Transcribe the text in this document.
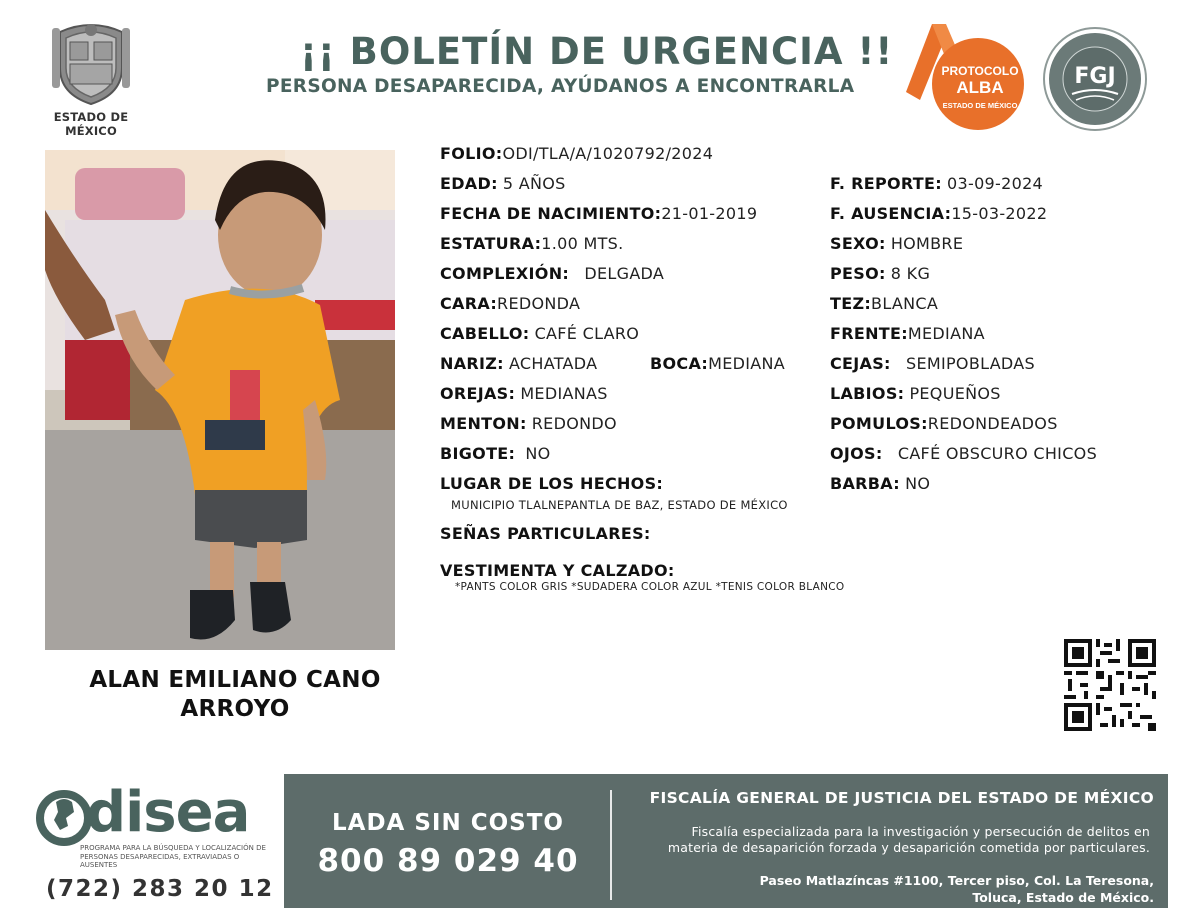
ESTADO DE MÉXICO
¡¡ BOLETÍN DE URGENCIA !!
PERSONA DESAPARECIDA, AYÚDANOS A ENCONTRARLA
PROTOCOLO
ALBA
ESTADO DE MÉXICO
FGJ
ALAN EMILIANO CANO
ARROYO
FOLIO:ODI/TLA/A/1020792/2024
EDAD: 5 AÑOS
FECHA DE NACIMIENTO:21-01-2019
ESTATURA:1.00 MTS.
COMPLEXIÓN: DELGADA
CARA:REDONDA
CABELLO: CAFÉ CLARO
NARIZ: ACHATADA	BOCA:MEDIANA
OREJAS: MEDIANAS
MENTON: REDONDO
BIGOTE: NO
LUGAR DE LOS HECHOS:
MUNICIPIO TLALNEPANTLA DE BAZ, ESTADO DE MÉXICO
SEÑAS PARTICULARES:
VESTIMENTA Y CALZADO:
*PANTS COLOR GRIS *SUDADERA COLOR AZUL *TENIS COLOR BLANCO
F. REPORTE: 03-09-2024
F. AUSENCIA:15-03-2022
SEXO: HOMBRE
PESO: 8 KG
TEZ:BLANCA
FRENTE:MEDIANA
CEJAS: SEMIPOBLADAS
LABIOS: PEQUEÑOS
POMULOS:REDONDEADOS
OJOS: CAFÉ OBSCURO CHICOS
BARBA: NO
disea
PROGRAMA PARA LA BÚSQUEDA Y LOCALIZACIÓN DE PERSONAS DESAPARECIDAS, EXTRAVIADAS O AUSENTES
(722) 283 20 12
LADA SIN COSTO
800 89 029 40
FISCALÍA GENERAL DE JUSTICIA DEL ESTADO DE MÉXICO
Fiscalía especializada para la investigación y persecución de delitos en
materia de desaparición forzada y desaparición cometida por particulares.
Paseo Matlazíncas #1100, Tercer piso, Col. La Teresona,
Toluca, Estado de México.
